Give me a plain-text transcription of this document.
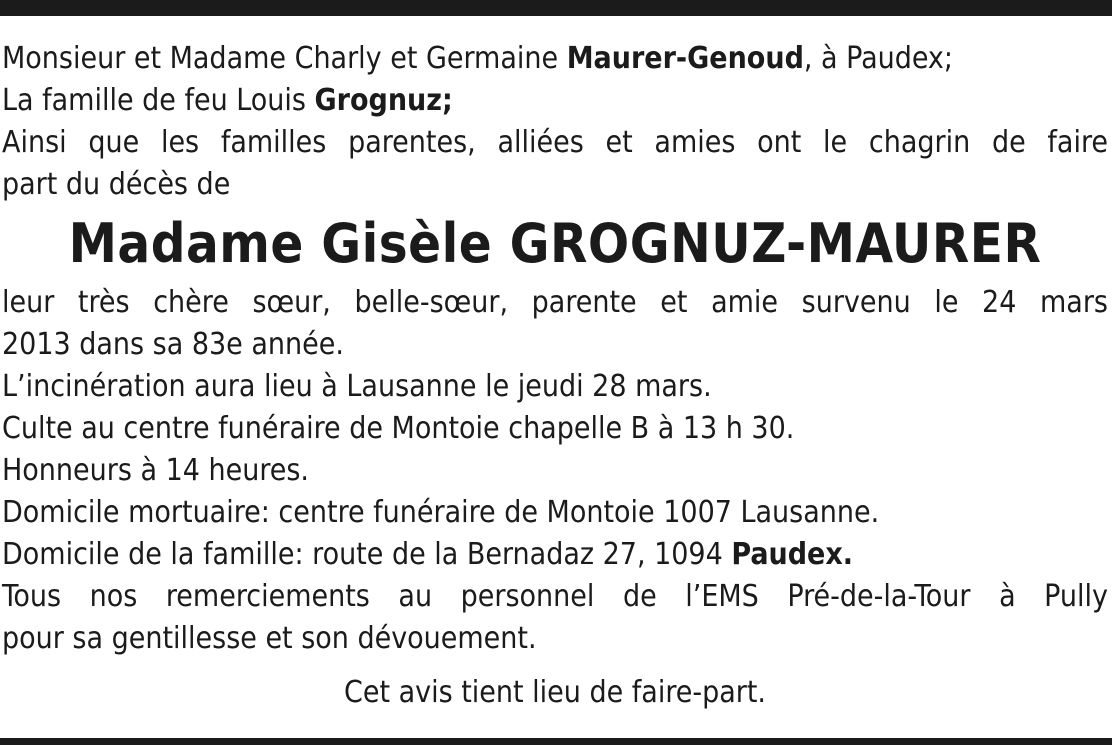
Monsieur et Madame Charly et Germaine Maurer-Genoud, à Paudex;
La famille de feu Louis Grognuz;
Ainsi que les familles parentes, alliées et amies ont le chagrin de faire
part du décès de
Madame Gisèle GROGNUZ-MAURER
leur très chère sœur, belle-sœur, parente et amie survenu le 24 mars
2013 dans sa 83e année.
L’incinération aura lieu à Lausanne le jeudi 28 mars.
Culte au centre funéraire de Montoie chapelle B à 13 h 30.
Honneurs à 14 heures.
Domicile mortuaire: centre funéraire de Montoie 1007 Lausanne.
Domicile de la famille: route de la Bernadaz 27, 1094 Paudex.
Tous nos remerciements au personnel de l’EMS Pré-de-la-Tour à Pully
pour sa gentillesse et son dévouement.
Cet avis tient lieu de faire-part.
